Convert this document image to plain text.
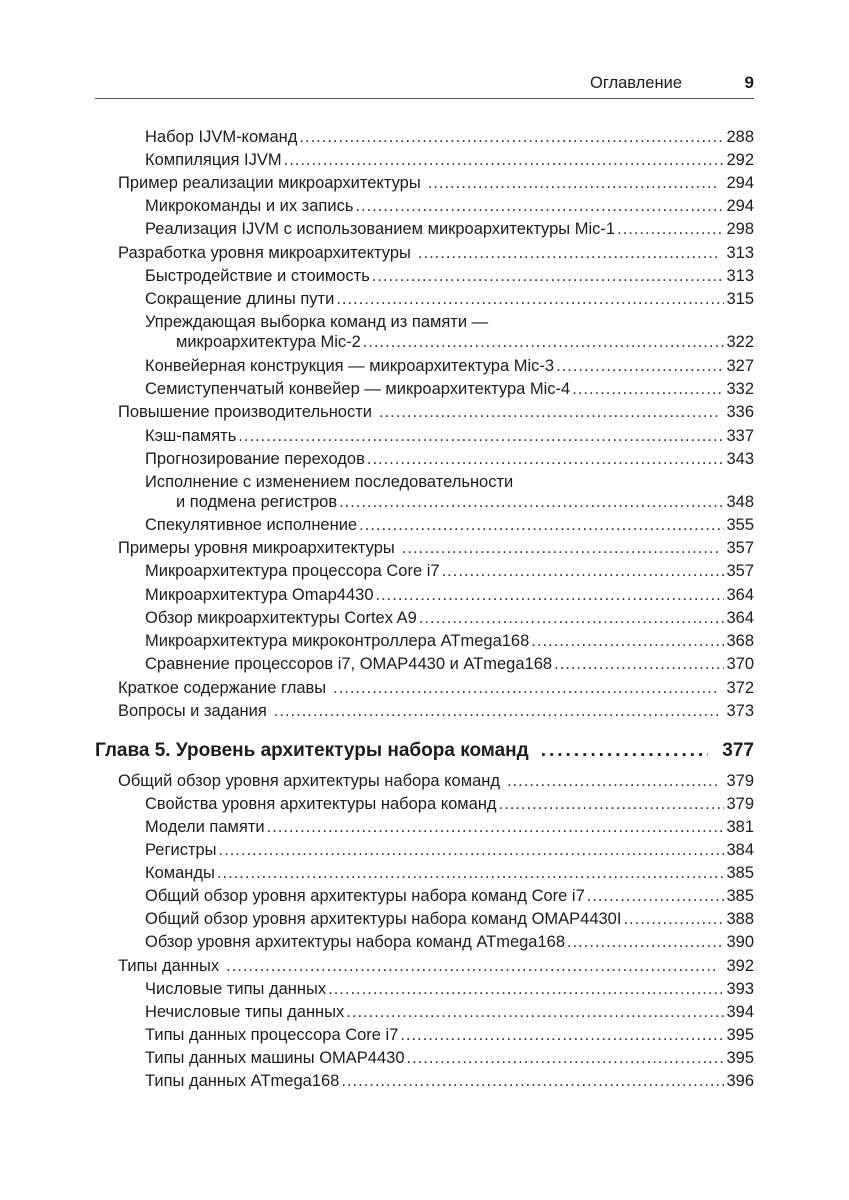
Оглавление	9
Набор IJVM-команд .....	288
Компиляция IJVM .....	292
Пример реализации микроархитектуры .....	294
Микрокоманды и их запись .....	294
Реализация IJVM с использованием микроархитектуры Mic-1 .....	298
Разработка уровня микроархитектуры .....	313
Быстродействие и стоимость .....	313
Сокращение длины пути .....	315
Упреждающая выборка команд из памяти —
микроархитектура Mic-2 .....	322
Конвейерная конструкция — микроархитектура Mic-3 .....	327
Семиступенчатый конвейер — микроархитектура Mic-4 .....	332
Повышение производительности .....	336
Кэш-память .....	337
Прогнозирование переходов .....	343
Исполнение с изменением последовательности
и подмена регистров .....	348
Спекулятивное исполнение .....	355
Примеры уровня микроархитектуры .....	357
Микроархитектура процессора Core i7 .....	357
Микроархитектура Omap4430 .....	364
Обзор микроархитектуры Cortex A9 .....	364
Микроархитектура микроконтроллера ATmega168 .....	368
Сравнение процессоров i7, OMAP4430 и ATmega168 .....	370
Краткое содержание главы .....	372
Вопросы и задания .....	373
Глава 5. Уровень архитектуры набора команд .....	377
Общий обзор уровня архитектуры набора команд .....	379
Свойства уровня архитектуры набора команд .....	379
Модели памяти .....	381
Регистры .....	384
Команды .....	385
Общий обзор уровня архитектуры набора команд Core i7 .....	385
Общий обзор уровня архитектуры набора команд OMAP4430I .....	388
Обзор уровня архитектуры набора команд ATmega168 .....	390
Типы данных .....	392
Числовые типы данных .....	393
Нечисловые типы данных .....	394
Типы данных процессора Core i7 .....	395
Типы данных машины OMAP4430 .....	395
Типы данных ATmega168 .....	396
